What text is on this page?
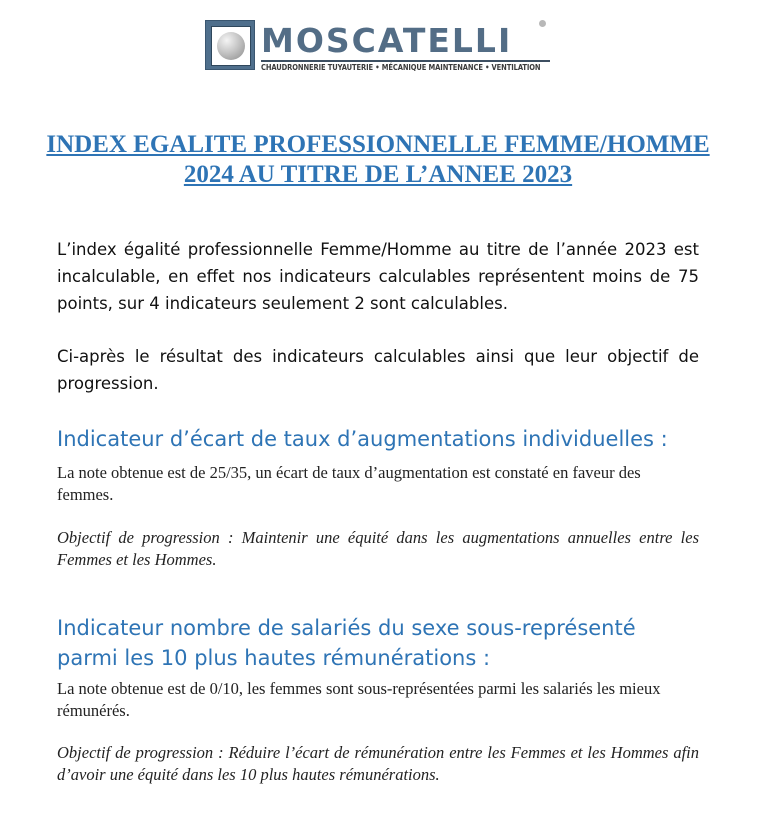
MOSCATELLI
CHAUDRONNERIE TUYAUTERIE • MÉCANIQUE MAINTENANCE • VENTILATION
INDEX EGALITE PROFESSIONNELLE FEMME/HOMME
2024 AU TITRE DE L’ANNEE 2023
L’index égalité professionnelle Femme/Homme au titre de l’année 2023 est incalculable, en effet nos indicateurs calculables représentent moins de 75 points, sur 4 indicateurs seulement 2 sont calculables.
Ci-après le résultat des indicateurs calculables ainsi que leur objectif de progression.
Indicateur d’écart de taux d’augmentations individuelles :
La note obtenue est de 25/35, un écart de taux d’augmentation est constaté en faveur des femmes.
Objectif de progression : Maintenir une équité dans les augmentations annuelles entre les Femmes et les Hommes.
Indicateur nombre de salariés du sexe sous-représenté parmi les 10 plus hautes rémunérations :
La note obtenue est de 0/10, les femmes sont sous-représentées parmi les salariés les mieux rémunérés.
Objectif de progression : Réduire l’écart de rémunération entre les Femmes et les Hommes afin d’avoir une équité dans les 10 plus hautes rémunérations.
